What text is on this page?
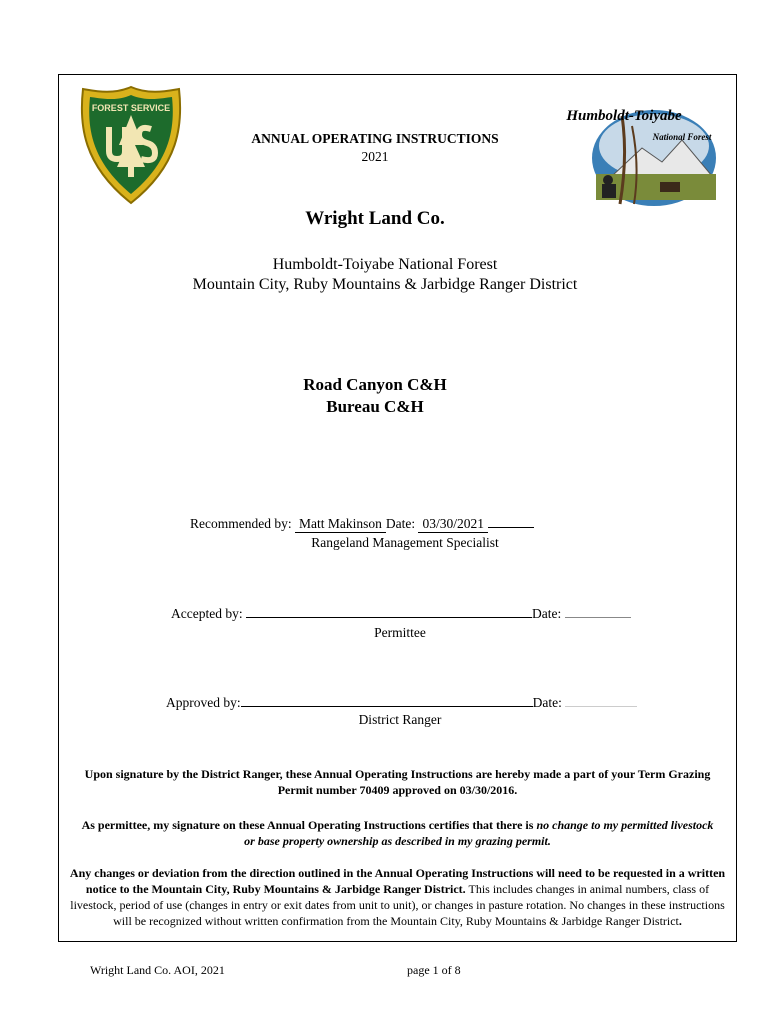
FOREST SERVICE	Humboldt-Toiyabe
National Forest
ANNUAL OPERATING INSTRUCTIONS
2021
Wright Land Co.
Humboldt-Toiyabe National Forest
Mountain City, Ruby Mountains & Jarbidge Ranger District
Road Canyon C&H
Bureau C&H
Recommended by: Matt Makinson Date: 03/30/2021
Rangeland Management Specialist
Accepted by:	Date:
Permittee
Approved by:	Date:
District Ranger
Upon signature by the District Ranger, these Annual Operating Instructions are hereby made a part of your Term Grazing Permit number 70409 approved on 03/30/2016.
As permittee, my signature on these Annual Operating Instructions certifies that there is no change to my permitted livestock or base property ownership as described in my grazing permit.
Any changes or deviation from the direction outlined in the Annual Operating Instructions will need to be requested in a written notice to the Mountain City, Ruby Mountains & Jarbidge Ranger District. This includes changes in animal numbers, class of livestock, period of use (changes in entry or exit dates from unit to unit), or changes in pasture rotation. No changes in these instructions will be recognized without written confirmation from the Mountain City, Ruby Mountains & Jarbidge Ranger District.
Wright Land Co. AOI, 2021	page 1 of 8
